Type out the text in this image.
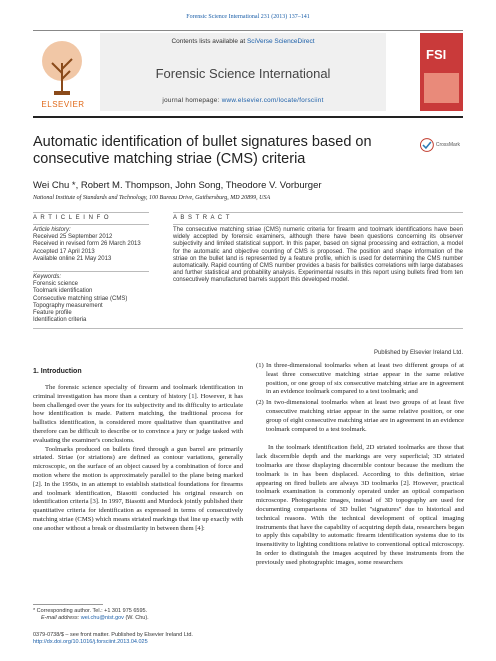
Forensic Science International 231 (2013) 137–141
ELSEVIER
Contents lists available at SciVerse ScienceDirect
Forensic Science International
journal homepage: www.elsevier.com/locate/forsciint
FSI
Automatic identification of bullet signatures based on consecutive matching striae (CMS) criteria
CrossMark
Wei Chu *, Robert M. Thompson, John Song, Theodore V. Vorburger
National Institute of Standards and Technology, 100 Bureau Drive, Gaithersburg, MD 20899, USA
A R T I C L E I N F O	A B S T R A C T
Article history:
Received 25 September 2012
Received in revised form 26 March 2013
Accepted 17 April 2013
Available online 21 May 2013
Keywords:
Forensic science
Toolmark identification
Consecutive matching striae (CMS)
Topography measurement
Feature profile
Identification criteria
The consecutive matching striae (CMS) numeric criteria for firearm and toolmark identifications have been widely accepted by forensic examiners, although there have been questions concerning its observer subjectivity and limited statistical support. In this paper, based on signal processing and extraction, a model for the automatic and objective counting of CMS is proposed. The position and shape information of the striae on the bullet land is represented by a feature profile, which is used for determining the CMS number automatically. Rapid counting of CMS number provides a basis for ballistics correlations with large databases and further statistical and probability analysis. Experimental results in this report using bullets fired from ten consecutively manufactured barrels support this developed model.
Published by Elsevier Ireland Ltd.
1. Introduction
The forensic science specialty of firearm and toolmark identification in criminal investigation has more than a century of history [1]. However, it has been challenged over the years for its subjectivity and its difficulty to articulate how identification is made. Pattern matching, the traditional process for ballistics identification, is considered more qualitative than quantitative and therefore can be difficult to describe or to convince a jury or judge tasked with evaluating the examiner's conclusions.
Toolmarks produced on bullets fired through a gun barrel are primarily striated. Striae (or striations) are defined as contour variations, generally microscopic, on the surface of an object caused by a combination of force and motion where the motion is approximately parallel to the plane being marked [2]. In the 1950s, in an attempt to establish statistical foundations for firearms and toolmark identification, Biasotti conducted his original research on identification criteria [3]. In 1997, Biasotti and Murdock jointly published their quantitative criteria for identification as expressed in terms of consecutively matching striae (CMS) which means striated markings that line up exactly with one another without a break or dissimilarity in between them [4]:
(1) In three-dimensional toolmarks when at least two different groups of at least three consecutive matching striae appear in the same relative position, or one group of six consecutive matching striae are in agreement in an evidence toolmark compared to a test toolmark; and
(2) In two-dimensional toolmarks when at least two groups of at least five consecutive matching striae appear in the same relative position, or one group of eight consecutive matching striae are in agreement in an evidence toolmark compared to a test toolmark.
In the toolmark identification field, 2D striated toolmarks are those that lack discernible depth and the markings are very superficial; 3D striated toolmarks are those displaying discernible contour because the medium the toolmark is in has been displaced. According to this definition, striae appearing on fired bullets are always 3D toolmarks [2]. However, practical toolmark examination is commonly operated under an optical comparison microscope. Photographic images, instead of 3D topography are used for documenting comparisons of 3D bullet "signatures" due to historical and technical reasons. With the technical development of optical imaging instruments that have the capability of acquiring depth data, researchers began to apply this capability to automatic firearm identification systems due to its insensitivity to lighting conditions relative to conventional optical microscopy. In order to distinguish the images acquired by these instruments from the previously used photographic images, some researchers
* Corresponding author. Tel.: +1 301 975 6595.
E-mail address: wei.chu@nist.gov (W. Chu).
0379-0738/$ – see front matter. Published by Elsevier Ireland Ltd.
http://dx.doi.org/10.1016/j.forsciint.2013.04.025
